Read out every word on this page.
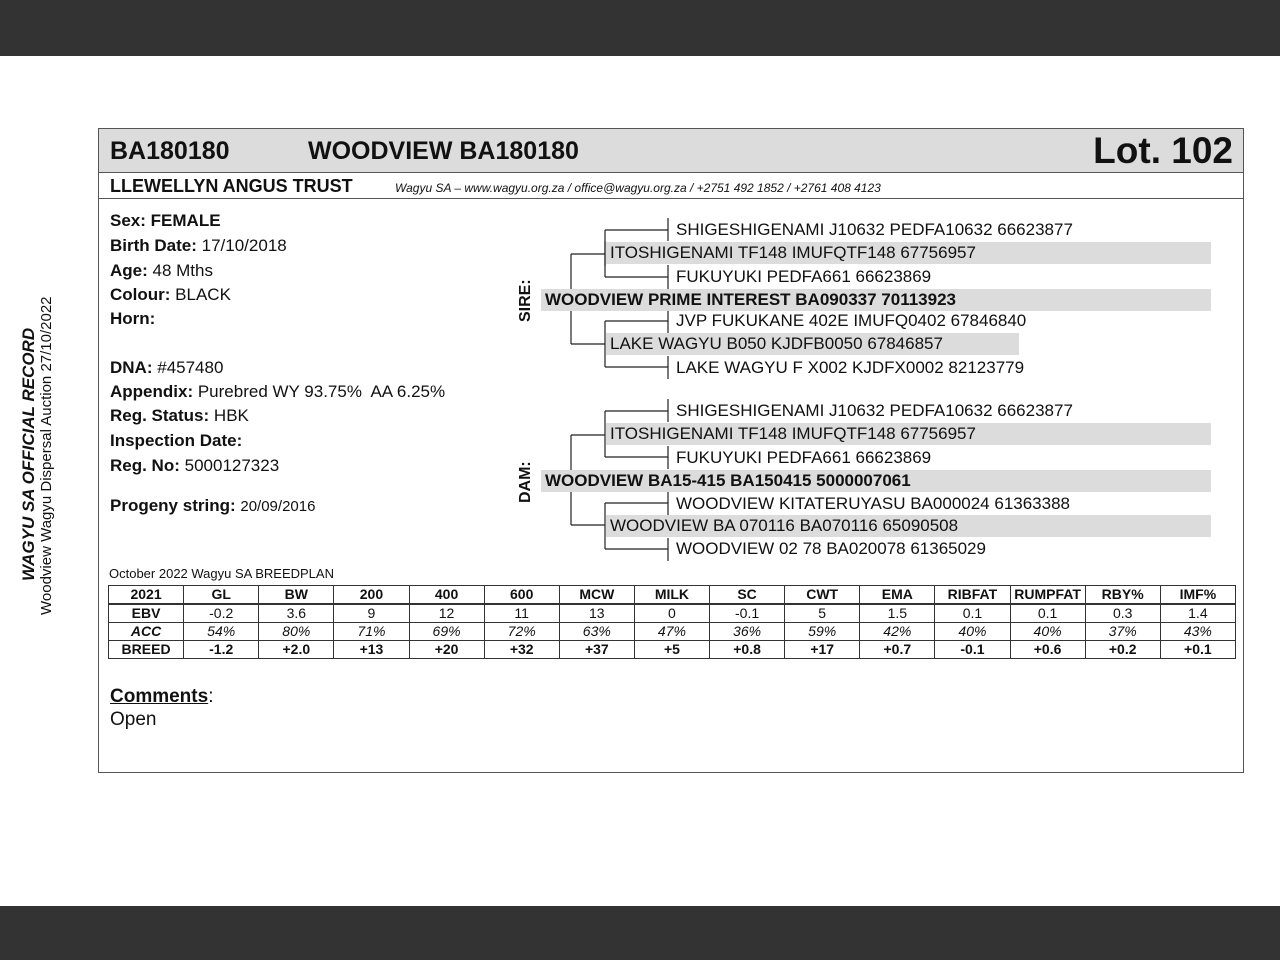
BA180180	WOODVIEW BA180180	Lot. 102
LLEWELLYN ANGUS TRUST	Wagyu SA – www.wagyu.org.za / office@wagyu.org.za / +2751 492 1852 / +2761 408 4123
WAGYU SA OFFICIAL RECORD Woodview Wagyu Dispersal Auction 27/10/2022
Sex: FEMALE
Birth Date: 17/10/2018
Age: 48 Mths
Colour: BLACK
Horn:
DNA: #457480
Appendix: Purebred WY 93.75%  AA 6.25%
Reg. Status: HBK
Inspection Date:
Reg. No: 5000127323
Progeny string: 20/09/2016
SIRE:
DAM:
SHIGESHIGENAMI J10632 PEDFA10632 66623877
ITOSHIGENAMI TF148 IMUFQTF148 67756957
FUKUYUKI PEDFA661 66623869
WOODVIEW PRIME INTEREST BA090337 70113923
JVP FUKUKANE 402E IMUFQ0402 67846840
LAKE WAGYU B050 KJDFB0050 67846857
LAKE WAGYU F X002 KJDFX0002 82123779
SHIGESHIGENAMI J10632 PEDFA10632 66623877
ITOSHIGENAMI TF148 IMUFQTF148 67756957
FUKUYUKI PEDFA661 66623869
WOODVIEW BA15-415 BA150415 5000007061
WOODVIEW KITATERUYASU BA000024 61363388
WOODVIEW BA 070116 BA070116 65090508
WOODVIEW 02 78 BA020078 61365029
October 2022 Wagyu SA BREEDPLAN
2021	GL	BW	200	400	600	MCW	MILK	SC	CWT	EMA	RIBFAT	RUMPFAT	RBY%	IMF%
EBV	-0.2	3.6	9	12	11	13	0	-0.1	5	1.5	0.1	0.1	0.3	1.4
ACC	54%	80%	71%	69%	72%	63%	47%	36%	59%	42%	40%	40%	37%	43%
BREED	-1.2	+2.0	+13	+20	+32	+37	+5	+0.8	+17	+0.7	-0.1	+0.6	+0.2	+0.1
Comments:
Open
